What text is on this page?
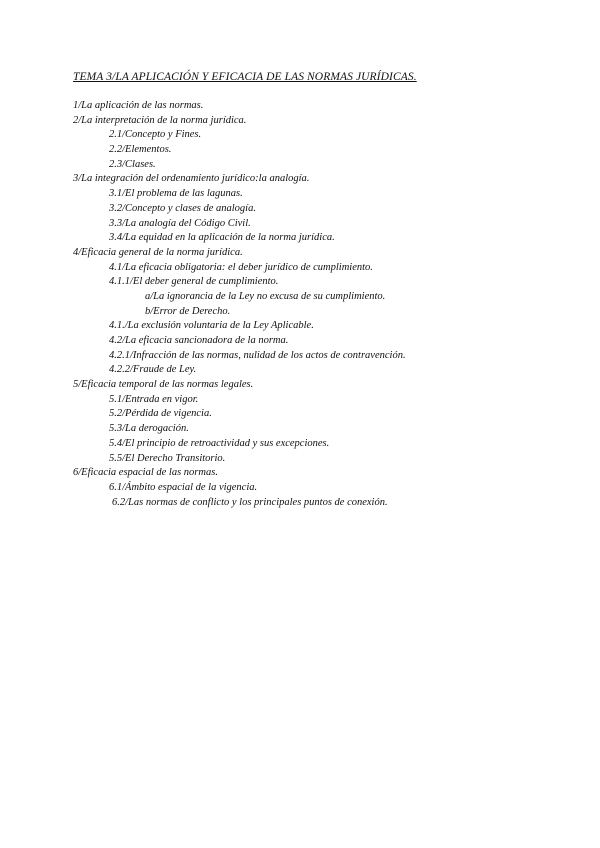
TEMA 3/LA APLICACIÓN Y EFICACIA DE LAS NORMAS JURÍDICAS.
1/La aplicación de las normas.
2/La interpretación de la norma jurídica.
2.1/Concepto y Fines.
2.2/Elementos.
2.3/Clases.
3/La integración del ordenamiento jurídico:la analogía.
3.1/El problema de las lagunas.
3.2/Concepto y clases de analogía.
3.3/La analogía del Código Civil.
3.4/La equidad en la aplicación de la norma jurídica.
4/Eficacia general de la norma jurídica.
4.1/La eficacia obligatoria: el deber jurídico de cumplimiento.
4.1.1/El deber general de cumplimiento.
a/La ignorancia de la Ley no excusa de su cumplimiento.
b/Error de Derecho.
4.1./La exclusión voluntaria de la Ley Aplicable.
4.2/La eficacia sancionadora de la norma.
4.2.1/Infracción de las normas, nulidad de los actos de contravención.
4.2.2/Fraude de Ley.
5/Eficacia temporal de las normas legales.
5.1/Entrada en vigor.
5.2/Pérdida de vigencia.
5.3/La derogación.
5.4/El principio de retroactividad y sus excepciones.
5.5/El Derecho Transitorio.
6/Eficacia espacial de las normas.
6.1/Ámbito espacial de la vigencia.
6.2/Las normas de conflicto y los principales puntos de conexión.
